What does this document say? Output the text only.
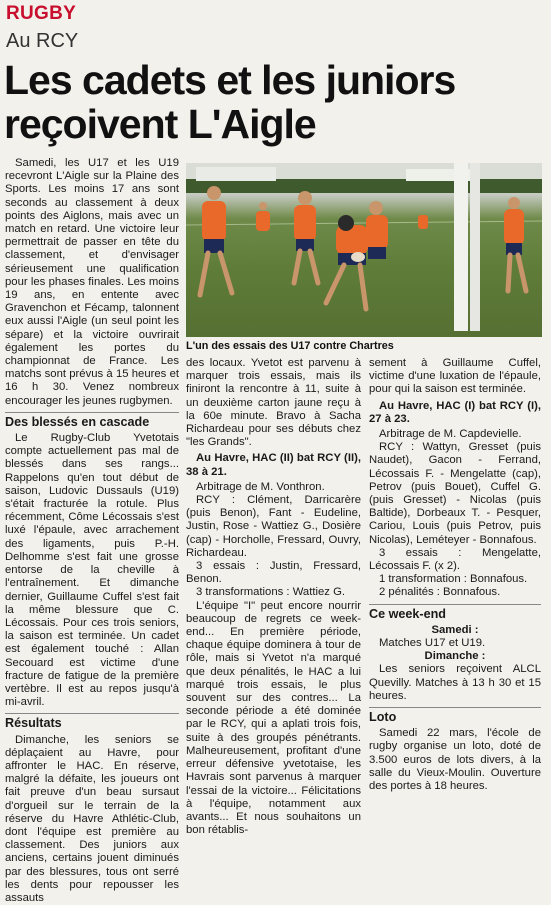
RUGBY
Au RCY
Les cadets et les juniors reçoivent L'Aigle

Samedi, les U17 et les U19 recevront L'Aigle sur la Plaine des Sports. Les moins 17 ans sont seconds au classement à deux points des Aiglons, mais avec un match en retard. Une victoire leur permettrait de passer en tête du classement, et d'envisager sérieusement une qualification pour les phases finales. Les moins 19 ans, en entente avec Gravenchon et Fécamp, talonnent eux aussi l'Aigle (un seul point les sépare) et la victoire ouvrirait également les portes du championnat de France. Les matchs sont prévus à 15 heures et 16 h 30. Venez nombreux encourager les jeunes rugbymen.

Des blessés en cascade

Le Rugby-Club Yvetotais compte actuellement pas mal de blessés dans ses rangs... Rappelons qu'en tout début de saison, Ludovic Dussauls (U19) s'était fracturée la rotule. Plus récemment, Côme Lécossais s'est luxé l'épaule, avec arrachement des ligaments, puis P.-H. Delhomme s'est fait une grosse entorse de la cheville à l'entraînement. Et dimanche dernier, Guillaume Cuffel s'est fait la même blessure que C. Lécossais. Pour ces trois seniors, la saison est terminée. Un cadet est également touché : Allan Secouard est victime d'une fracture de fatigue de la première vertèbre. Il est au repos jusqu'à mi-avril.

Résultats

Dimanche, les seniors se déplaçaient au Havre, pour affronter le HAC. En réserve, malgré la défaite, les joueurs ont fait preuve d'un beau sursaut d'orgueil sur le terrain de la réserve du Havre Athlétic-Club, dont l'équipe est première au classement. Des juniors aux anciens, certains jouent diminués par des blessures, tous ont serré les dents pour repousser les assauts

L'un des essais des U17 contre Chartres

des locaux. Yvetot est parvenu à marquer trois essais, mais ils finiront la rencontre à 11, suite à un deuxième carton jaune reçu à la 60e minute. Bravo à Sacha Richardeau pour ses débuts chez "les Grands".

Au Havre, HAC (II) bat RCY (II), 38 à 21.

Arbitrage de M. Vonthron.

RCY : Clément, Darricarère (puis Benon), Fant - Eudeline, Justin, Rose - Wattiez G., Dosière (cap) - Horcholle, Fressard, Ouvry, Richardeau.

3 essais : Justin, Fressard, Benon.

3 transformations : Wattiez G.

L'équipe "I" peut encore nourrir beaucoup de regrets ce week-end... En première période, chaque équipe dominera à tour de rôle, mais si Yvetot n'a marqué que deux pénalités, le HAC a lui marqué trois essais, le plus souvent sur des contres... La seconde période a été dominée par le RCY, qui a aplati trois fois, suite à des groupés pénétrants. Malheureusement, profitant d'une erreur défensive yvetotaise, les Havrais sont parvenus à marquer l'essai de la victoire... Félicitations à l'équipe, notamment aux avants... Et nous souhaitons un bon rétablis-

sement à Guillaume Cuffel, victime d'une luxation de l'épaule, pour qui la saison est terminée.

Au Havre, HAC (I) bat RCY (I), 27 à 23.

Arbitrage de M. Capdevielle.

RCY : Wattyn, Gresset (puis Naudet), Gacon - Ferrand, Lécossais F. - Mengelatte (cap), Petrov (puis Bouet), Cuffel G. (puis Gresset) - Nicolas (puis Baltide), Dorbeaux T. - Pesquer, Cariou, Louis (puis Petrov, puis Nicolas), Leméteyer - Bonnafous.

3 essais : Mengelatte, Lécossais F. (x 2).

1 transformation : Bonnafous.

2 pénalités : Bonnafous.

Ce week-end

Samedi :

Matches U17 et U19.

Dimanche :

Les seniors reçoivent ALCL Quevilly. Matches à 13 h 30 et 15 heures.

Loto

Samedi 22 mars, l'école de rugby organise un loto, doté de 3.500 euros de lots divers, à la salle du Vieux-Moulin. Ouverture des portes à 18 heures.
